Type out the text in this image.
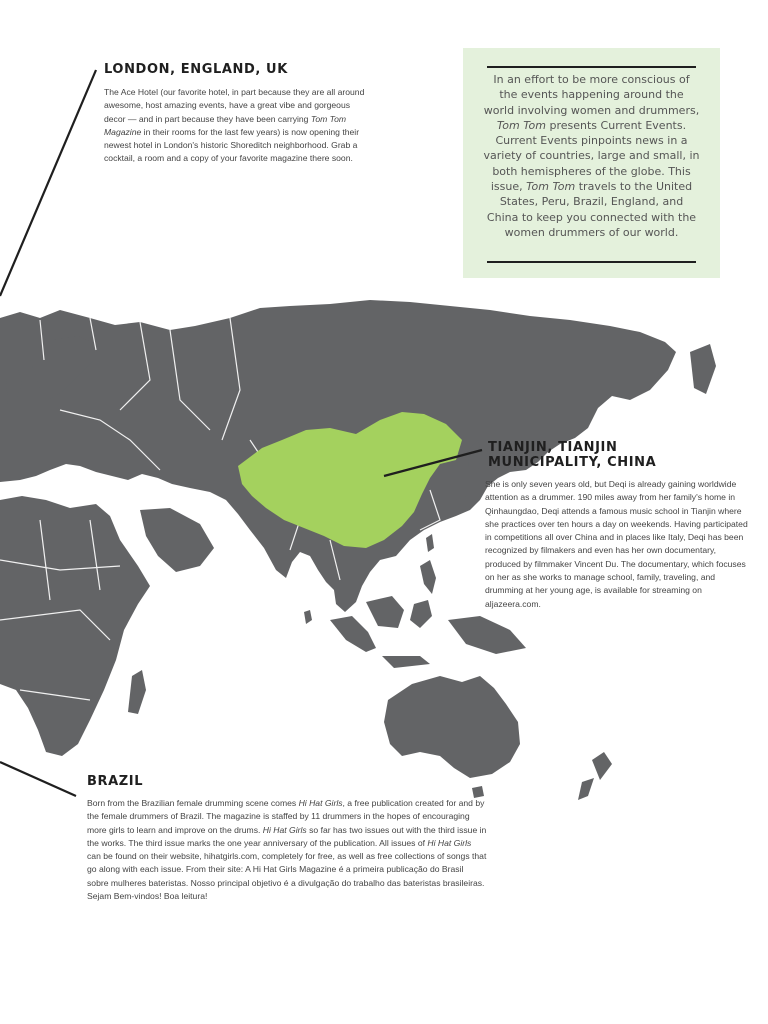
LONDON, ENGLAND, UK

The Ace Hotel (our favorite hotel, in part because they are all around awesome, host amazing events, have a great vibe and gorgeous decor — and in part because they have been carrying Tom Tom Magazine in their rooms for the last few years) is now opening their newest hotel in London's historic Shoreditch neighborhood. Grab a cocktail, a room and a copy of your favorite magazine there soon.

In an effort to be more conscious of the events happening around the world involving women and drummers, Tom Tom presents Current Events. Current Events pinpoints news in a variety of countries, large and small, in both hemispheres of the globe. This issue, Tom Tom travels to the United States, Peru, Brazil, England, and China to keep you connected with the women drummers of our world.

TIANJIN, TIANJIN
MUNICIPALITY, CHINA

She is only seven years old, but Deqi is already gaining worldwide attention as a drummer. 190 miles away from her family's home in Qinhaungdao, Deqi attends a famous music school in Tianjin where she practices over ten hours a day on weekends. Having participated in competitions all over China and in places like Italy, Deqi has been recognized by filmakers and even has her own documentary, produced by filmmaker Vincent Du. The documentary, which focuses on her as she works to manage school, family, traveling, and drumming at her young age, is available for streaming on aljazeera.com.

BRAZIL

Born from the Brazilian female drumming scene comes Hi Hat Girls, a free publication created for and by the female drummers of Brazil. The magazine is staffed by 11 drummers in the hopes of encouraging more girls to learn and improve on the drums. Hi Hat Girls so far has two issues out with the third issue in the works. The third issue marks the one year anniversary of the publication. All issues of Hi Hat Girls can be found on their website, hihatgirls.com, completely for free, as well as free collections of songs that go along with each issue. From their site: A Hi Hat Girls Magazine é a primeira publicação do Brasil sobre mulheres bateristas. Nosso principal objetivo é a divulgação do trabalho das bateristas brasileiras. Sejam Bem-vindos! Boa leitura!
